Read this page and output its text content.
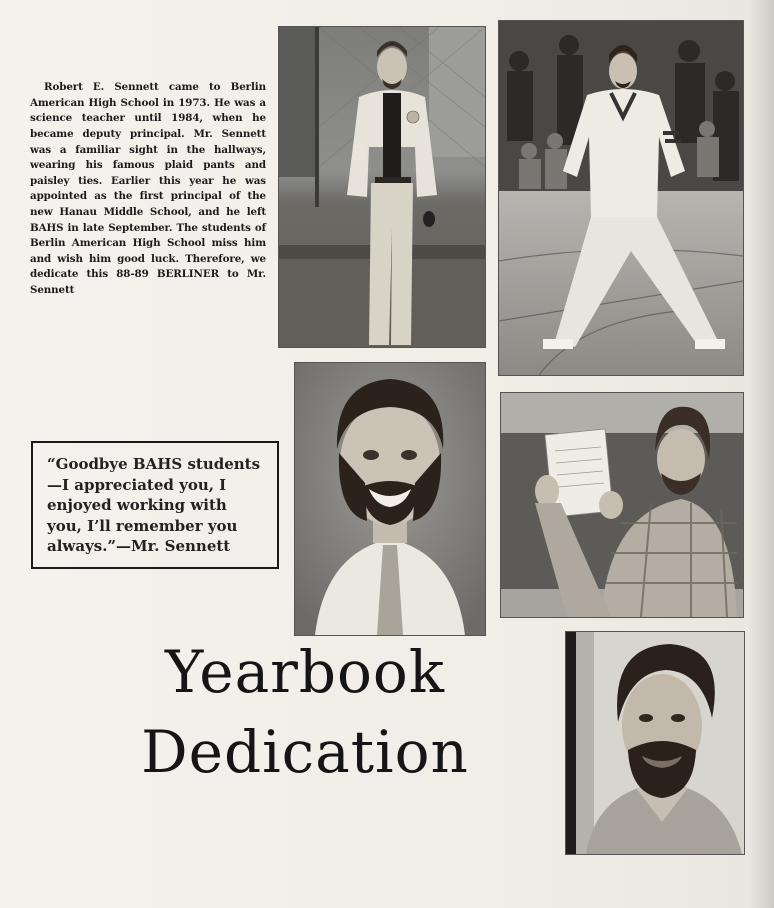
Robert E. Sennett came to Berlin American High School in 1973. He was a science teacher until 1984, when he became deputy principal. Mr. Sennett was a familiar sight in the hallways, wearing his famous plaid pants and paisley ties. Earlier this year he was appointed as the first principal of the new Hanau Middle School, and he left BAHS in late September. The students of Berlin American High School miss him and wish him good luck. Therefore, we dedicate this 88-89 BERLINER to Mr. Sennett

“Goodbye BAHS students—I appreciated you, I enjoyed working with you, I’ll remember you always.”—Mr. Sennett
Yearbook
Dedication
